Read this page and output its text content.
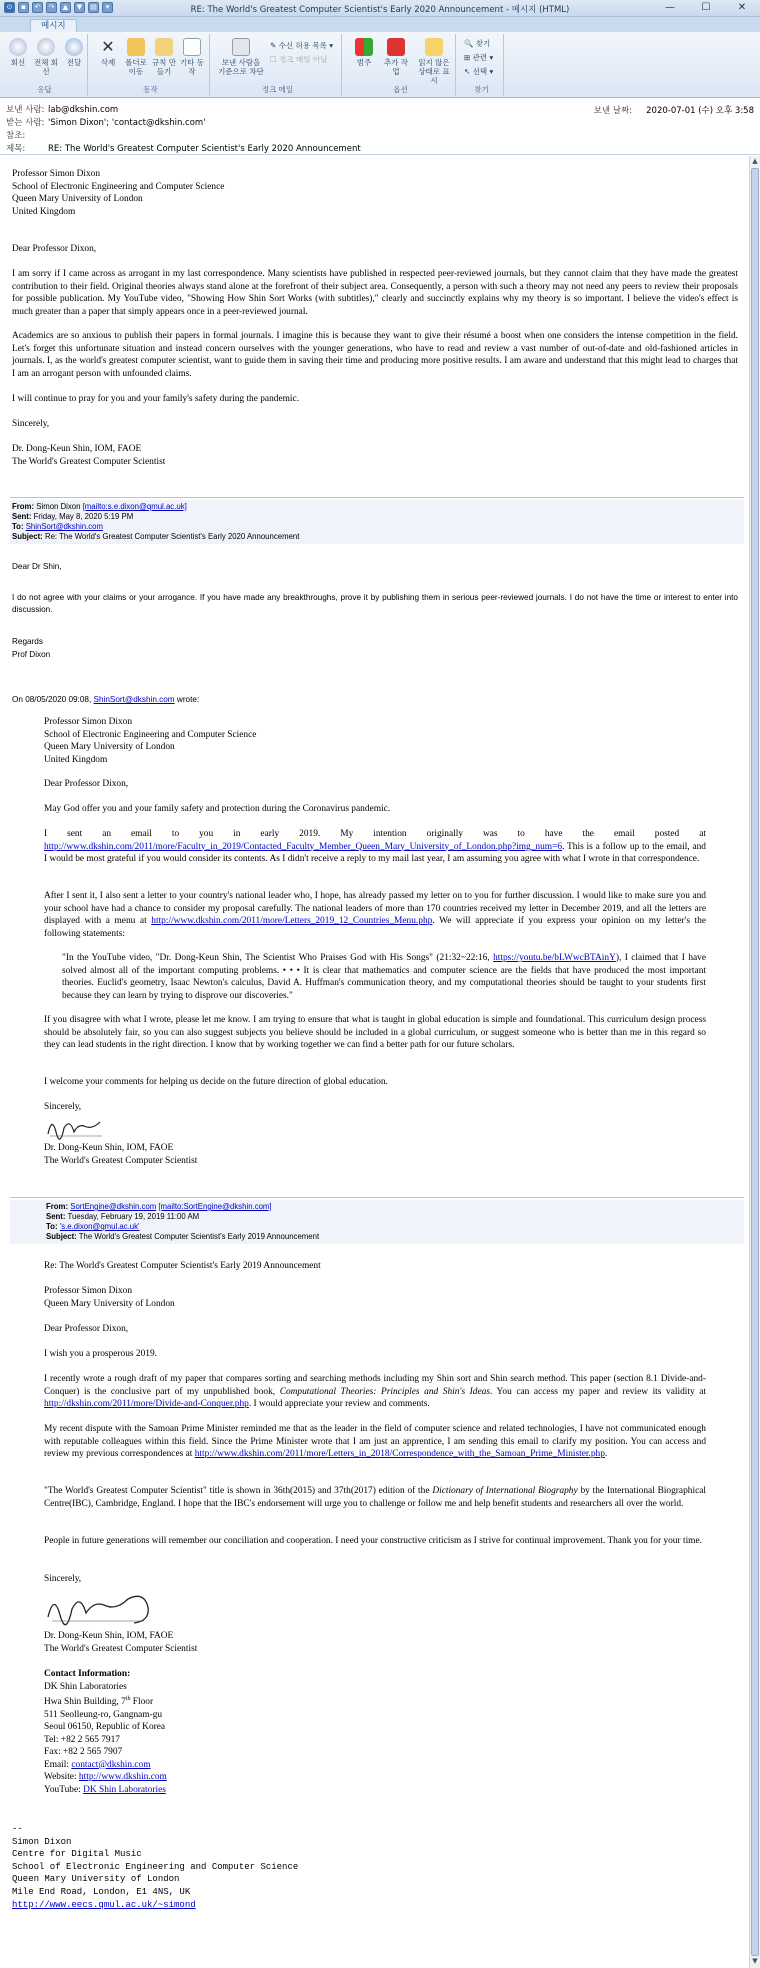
⊙	▪	↶	↷	▲	▼	▤	▾	RE: The World's Greatest Computer Scientist's Early 2020 Announcement - 메시지 (HTML)	—	☐	✕
메시지
회신	전체 회신
전달
응답
✕
삭제	폴더로 이동
규칙 만들기
기타 동작
동작
보낸 사람을 기준으로 차단
✎ 수신 허용 목록 ▾
☐ 정크 메일 아님
정크 메일
범주	추가 작업
읽지 않은 상태로 표시
옵션
🔍 찾기
⊞ 관련 ▾
↖ 선택 ▾
찾기
보낸 사람: lab@dkshin.com
받는 사람: 'Simon Dixon'; 'contact@dkshin.com'
참조:
제목:	RE: The World's Greatest Computer Scientist's Early 2020 Announcement
보낸 날짜: 2020-07-01 (수) 오후 3:58
▲
▼

Professor Simon Dixon

School of Electronic Engineering and Computer Science

Queen Mary University of London

United Kingdom

Dear Professor Dixon,

I am sorry if I came across as arrogant in my last correspondence. Many scientists have published in respected peer-reviewed journals, but they cannot claim that they have made the greatest contribution to their field. Original theories always stand alone at the forefront of their subject area. Consequently, a person with such a theory may not need any peers to review their proposals for possible publication. My YouTube video, "Showing How Shin Sort Works (with subtitles)," clearly and succinctly explains why my theory is so important. I believe the video's effect is much greater than a paper that simply appears once in a peer-reviewed journal.

Academics are so anxious to publish their papers in formal journals. I imagine this is because they want to give their résumé a boost when one considers the intense competition in the field. Let's forget this unfortunate situation and instead concern ourselves with the younger generations, who have to read and review a vast number of out-of-date and old-fashioned articles in journals. I, as the world's greatest computer scientist, want to guide them in saving their time and producing more positive results. I am aware and understand that this might lead to charges that I am an arrogant person with unfounded claims.

I will continue to pray for you and your family's safety during the pandemic.

Sincerely,

Dr. Dong-Keun Shin, IOM, FAOE

The World's Greatest Computer Scientist

From: Simon Dixon [mailto:s.e.dixon@qmul.ac.uk]

Sent: Friday, May 8, 2020 5:19 PM

To: ShinSort@dkshin.com

Subject: Re: The World's Greatest Computer Scientist's Early 2020 Announcement

Dear Dr Shin,

I do not agree with your claims or your arrogance. If you have made any breakthroughs, prove it by publishing them in serious peer-reviewed journals. I do not have the time or interest to enter into discussion.

Regards

Prof Dixon

On 08/05/2020 09:08, ShinSort@dkshin.com wrote:

Professor Simon Dixon

School of Electronic Engineering and Computer Science

Queen Mary University of London

United Kingdom

Dear Professor Dixon,

May God offer you and your family safety and protection during the Coronavirus pandemic.

I sent an email to you in early 2019. My intention originally was to have the email posted at http://www.dkshin.com/2011/more/Faculty_in_2019/Contacted_Faculty_Member_Queen_Mary_University_of_London.php?img_num=6. This is a follow up to the email, and I would be most grateful if you would consider its contents. As I didn't receive a reply to my mail last year, I am assuming you agree with what I wrote in that correspondence.

After I sent it, I also sent a letter to your country's national leader who, I hope, has already passed my letter on to you for further discussion. I would like to make sure you and your school have had a chance to consider my proposal carefully. The national leaders of more than 170 countries received my letter in December 2019, and all the letters are displayed with a menu at http://www.dkshin.com/2011/more/Letters_2019_12_Countries_Menu.php. We will appreciate if you express your opinion on my letter's the following statements:

"In the YouTube video, "Dr. Dong-Keun Shin, The Scientist Who Praises God with His Songs" (21:32~22:16, https://youtu.be/bLWwcBTAinY), I claimed that I have solved almost all of the important computing problems. • • • It is clear that mathematics and computer science are the fields that have produced the most important theories. Euclid's geometry, Isaac Newton's calculus, David A. Huffman's communication theory, and my computational theories should be taught to your students first because they can learn by trying to disprove our discoveries."

If you disagree with what I wrote, please let me know. I am trying to ensure that what is taught in global education is simple and foundational. This curriculum design process should be absolutely fair, so you can also suggest subjects you believe should be included in a global curriculum, or suggest someone who is better than me in this regard so they can lead students in the right direction. I know that by working together we can find a better path for our future scholars.

I welcome your comments for helping us decide on the future direction of global education.

Sincerely,

Dr. Dong-Keun Shin, IOM, FAOE

The World's Greatest Computer Scientist

From: SortEngine@dkshin.com [mailto:SortEngine@dkshin.com]

Sent: Tuesday, February 19, 2019 11:00 AM

To: 's.e.dixon@qmul.ac.uk'

Subject: The World's Greatest Computer Scientist's Early 2019 Announcement

Re: The World's Greatest Computer Scientist's Early 2019 Announcement

Professor Simon Dixon

Queen Mary University of London

Dear Professor Dixon,

I wish you a prosperous 2019.

I recently wrote a rough draft of my paper that compares sorting and searching methods including my Shin sort and Shin search method. This paper (section 8.1 Divide-and-Conquer) is the conclusive part of my unpublished book, Computational Theories: Principles and Shin's Ideas. You can access my paper and review its validity at http://dkshin.com/2011/more/Divide-and-Conquer.php. I would appreciate your review and comments.

My recent dispute with the Samoan Prime Minister reminded me that as the leader in the field of computer science and related technologies, I have not communicated enough with reputable colleagues within this field. Since the Prime Minister wrote that I am just an apprentice, I am sending this email to clarify my position. You can access and review my previous correspondences at http://www.dkshin.com/2011/more/Letters_in_2018/Correspondence_with_the_Samoan_Prime_Minister.php.

"The World's Greatest Computer Scientist" title is shown in 36th(2015) and 37th(2017) edition of the Dictionary of International Biography by the International Biographical Centre(IBC), Cambridge, England. I hope that the IBC's endorsement will urge you to challenge or follow me and help benefit students and researchers all over the world.

People in future generations will remember our conciliation and cooperation. I need your constructive criticism as I strive for continual improvement. Thank you for your time.

Sincerely,

Dr. Dong-Keun Shin, IOM, FAOE

The World's Greatest Computer Scientist

Contact Information:

DK Shin Laboratories

Hwa Shin Building, 7th Floor

511 Seolleung-ro, Gangnam-gu

Seoul 06150, Republic of Korea

Tel: +82 2 565 7917

Fax: +82 2 565 7907

Email: contact@dkshin.com

Website: http://www.dkshin.com

YouTube: DK Shin Laboratories

--

Simon Dixon

Centre for Digital Music

School of Electronic Engineering and Computer Science

Queen Mary University of London

Mile End Road, London, E1 4NS, UK

http://www.eecs.qmul.ac.uk/~simond
